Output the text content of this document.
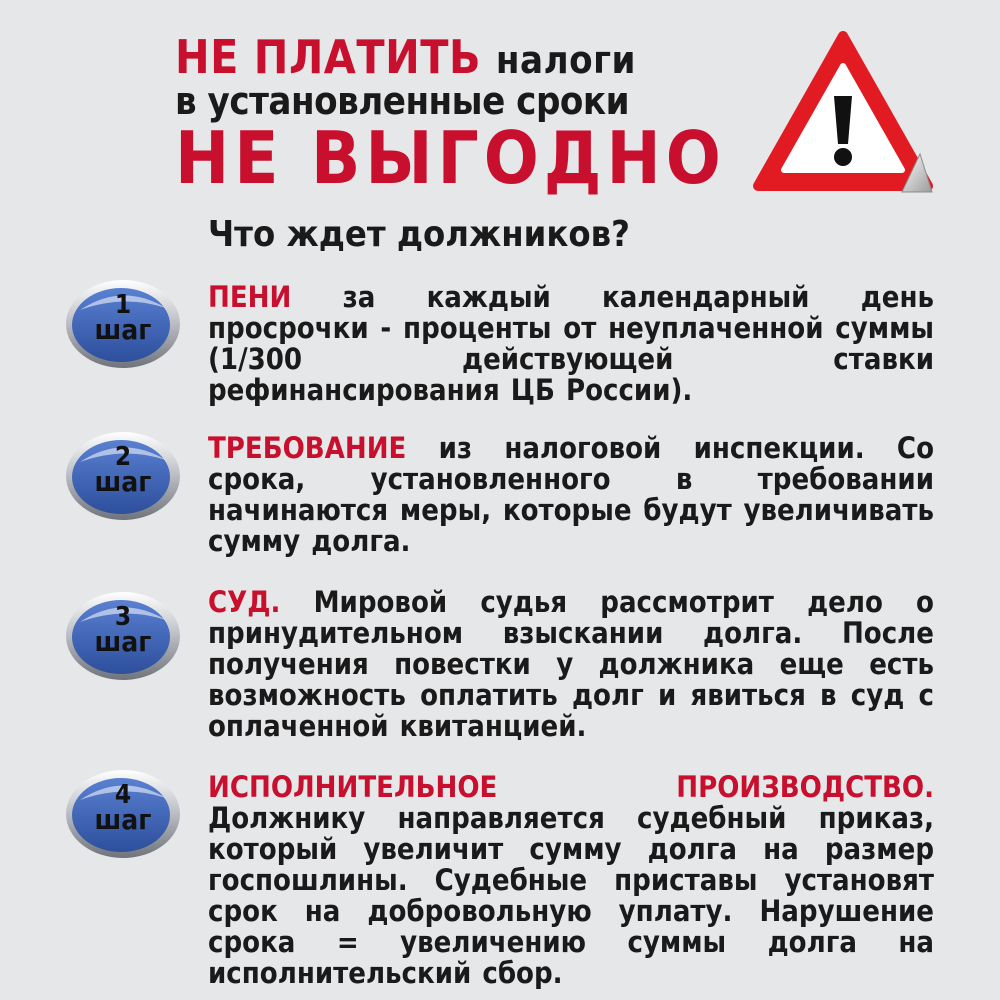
НЕ ПЛАТИТЬ налоги
в установленные сроки
НЕ ВЫГОДНО
Что ждет должников?
1
шаг
ПЕНИ за каждый календарный день просрочки - проценты от неуплаченной суммы (1/300 действующей ставки рефинансирования ЦБ России).
2
шаг
ТРЕБОВАНИЕ из налоговой инспекции. Со срока, установленного в требовании начинаются меры, которые будут увеличивать сумму долга.
3
шаг
СУД. Мировой судья рассмотрит дело о принудительном взыскании долга. После получения повестки у должника еще есть возможность оплатить долг и явиться в суд с оплаченной квитанцией.
4
шаг
ИСПОЛНИТЕЛЬНОЕ ПРОИЗВОДСТВО. Должнику направляется судебный приказ, который увеличит сумму долга на размер госпошлины. Судебные приставы установят срок на добровольную уплату. Нарушение срока = увеличению суммы долга на исполнительский сбор.
